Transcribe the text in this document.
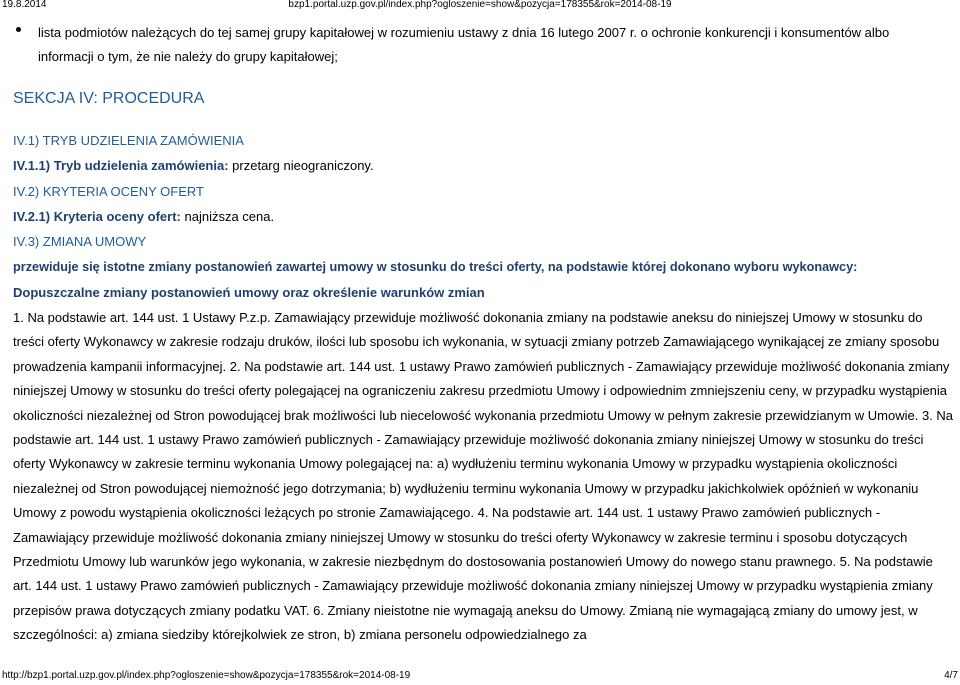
19.8.2014	bzp1.portal.uzp.gov.pl/index.php?ogloszenie=show&pozycja=178355&rok=2014-08-19

lista podmiotów należących do tej samej grupy kapitałowej w rozumieniu ustawy z dnia 16 lutego 2007 r. o ochronie konkurencji i konsumentów albo informacji o tym, że nie należy do grupy kapitałowej;

SEKCJA IV: PROCEDURA
IV.1) TRYB UDZIELENIA ZAMÓWIENIA
IV.1.1) Tryb udzielenia zamówienia: przetarg nieograniczony.
IV.2) KRYTERIA OCENY OFERT
IV.2.1) Kryteria oceny ofert: najniższa cena.
IV.3) ZMIANA UMOWY
przewiduje się istotne zmiany postanowień zawartej umowy w stosunku do treści oferty, na podstawie której dokonano wyboru wykonawcy:
Dopuszczalne zmiany postanowień umowy oraz określenie warunków zmian

1. Na podstawie art. 144 ust. 1 Ustawy P.z.p. Zamawiający przewiduje możliwość dokonania zmiany na podstawie aneksu do niniejszej Umowy w stosunku do treści oferty Wykonawcy w zakresie rodzaju druków, ilości lub sposobu ich wykonania, w sytuacji zmiany potrzeb Zamawiającego wynikającej ze zmiany sposobu prowadzenia kampanii informacyjnej. 2. Na podstawie art. 144 ust. 1 ustawy Prawo zamówień publicznych - Zamawiający przewiduje możliwość dokonania zmiany niniejszej Umowy w stosunku do treści oferty polegającej na ograniczeniu zakresu przedmiotu Umowy i odpowiednim zmniejszeniu ceny, w przypadku wystąpienia okoliczności niezależnej od Stron powodującej brak możliwości lub niecelowość wykonania przedmiotu Umowy w pełnym zakresie przewidzianym w Umowie. 3. Na podstawie art. 144 ust. 1 ustawy Prawo zamówień publicznych - Zamawiający przewiduje możliwość dokonania zmiany niniejszej Umowy w stosunku do treści oferty Wykonawcy w zakresie terminu wykonania Umowy polegającej na: a) wydłużeniu terminu wykonania Umowy w przypadku wystąpienia okoliczności niezależnej od Stron powodującej niemożność jego dotrzymania; b) wydłużeniu terminu wykonania Umowy w przypadku jakichkolwiek opóźnień w wykonaniu Umowy z powodu wystąpienia okoliczności leżących po stronie Zamawiającego. 4. Na podstawie art. 144 ust. 1 ustawy Prawo zamówień publicznych - Zamawiający przewiduje możliwość dokonania zmiany niniejszej Umowy w stosunku do treści oferty Wykonawcy w zakresie terminu i sposobu dotyczących Przedmiotu Umowy lub warunków jego wykonania, w zakresie niezbędnym do dostosowania postanowień Umowy do nowego stanu prawnego. 5. Na podstawie art. 144 ust. 1 ustawy Prawo zamówień publicznych - Zamawiający przewiduje możliwość dokonania zmiany niniejszej Umowy w przypadku wystąpienia zmiany przepisów prawa dotyczących zmiany podatku VAT. 6. Zmiany nieistotne nie wymagają aneksu do Umowy. Zmianą nie wymagającą zmiany do umowy jest, w szczególności: a) zmiana siedziby którejkolwiek ze stron, b) zmiana personelu odpowiedzialnego za

http://bzp1.portal.uzp.gov.pl/index.php?ogloszenie=show&pozycja=178355&rok=2014-08-19	4/7
